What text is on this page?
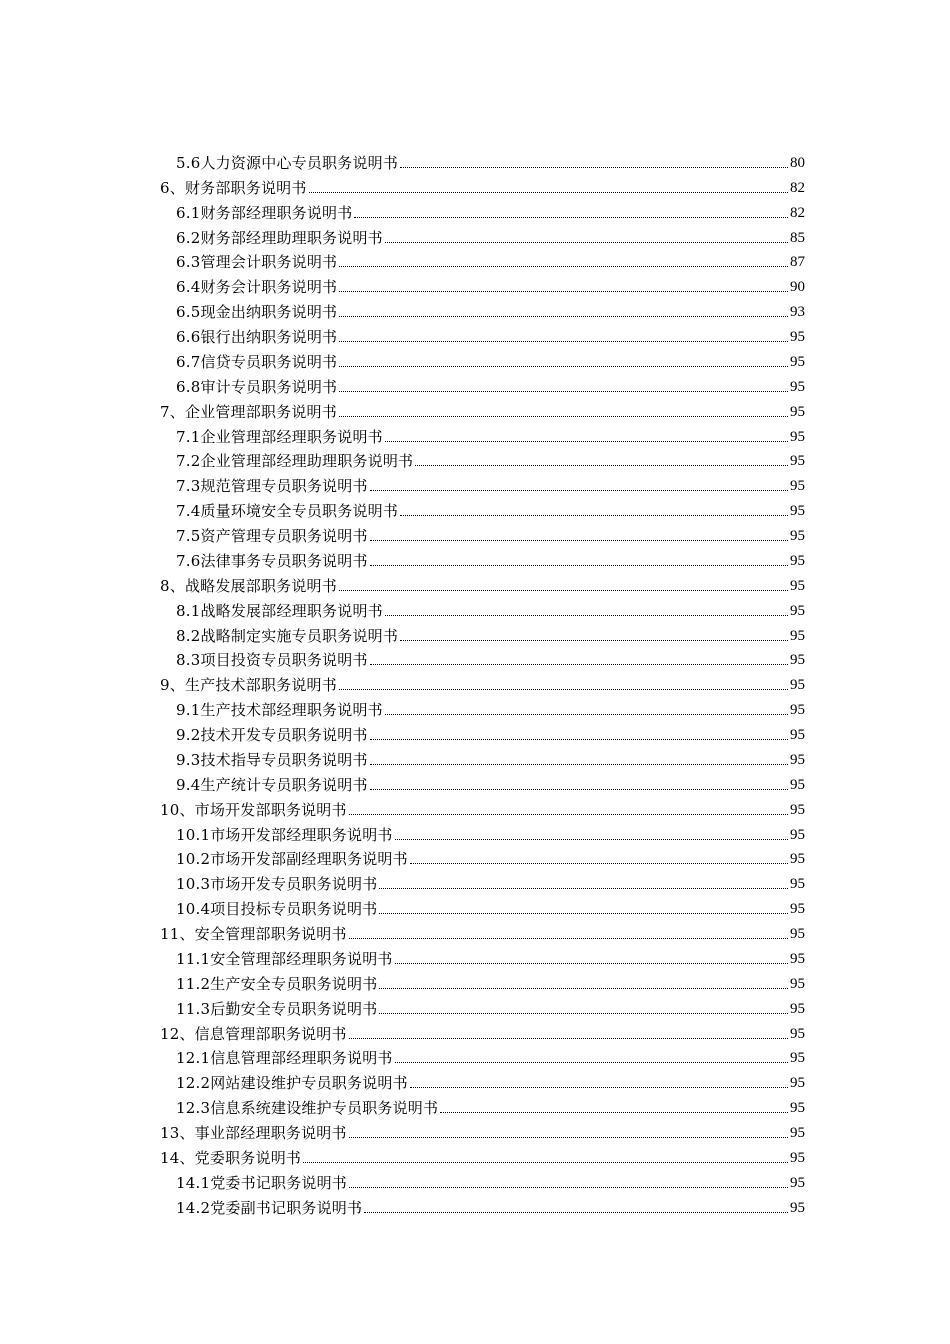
5.6人力资源中心专员职务说明书	80
6、财务部职务说明书	82
6.1财务部经理职务说明书	82
6.2财务部经理助理职务说明书	85
6.3管理会计职务说明书	87
6.4财务会计职务说明书	90
6.5现金出纳职务说明书	93
6.6银行出纳职务说明书	95
6.7信贷专员职务说明书	95
6.8审计专员职务说明书	95
7、企业管理部职务说明书	95
7.1企业管理部经理职务说明书	95
7.2企业管理部经理助理职务说明书	95
7.3规范管理专员职务说明书	95
7.4质量环境安全专员职务说明书	95
7.5资产管理专员职务说明书	95
7.6法律事务专员职务说明书	95
8、战略发展部职务说明书	95
8.1战略发展部经理职务说明书	95
8.2战略制定实施专员职务说明书	95
8.3项目投资专员职务说明书	95
9、生产技术部职务说明书	95
9.1生产技术部经理职务说明书	95
9.2技术开发专员职务说明书	95
9.3技术指导专员职务说明书	95
9.4生产统计专员职务说明书	95
10、市场开发部职务说明书	95
10.1市场开发部经理职务说明书	95
10.2市场开发部副经理职务说明书	95
10.3市场开发专员职务说明书	95
10.4项目投标专员职务说明书	95
11、安全管理部职务说明书	95
11.1安全管理部经理职务说明书	95
11.2生产安全专员职务说明书	95
11.3后勤安全专员职务说明书	95
12、信息管理部职务说明书	95
12.1信息管理部经理职务说明书	95
12.2网站建设维护专员职务说明书	95
12.3信息系统建设维护专员职务说明书	95
13、事业部经理职务说明书	95
14、党委职务说明书	95
14.1党委书记职务说明书	95
14.2党委副书记职务说明书	95
